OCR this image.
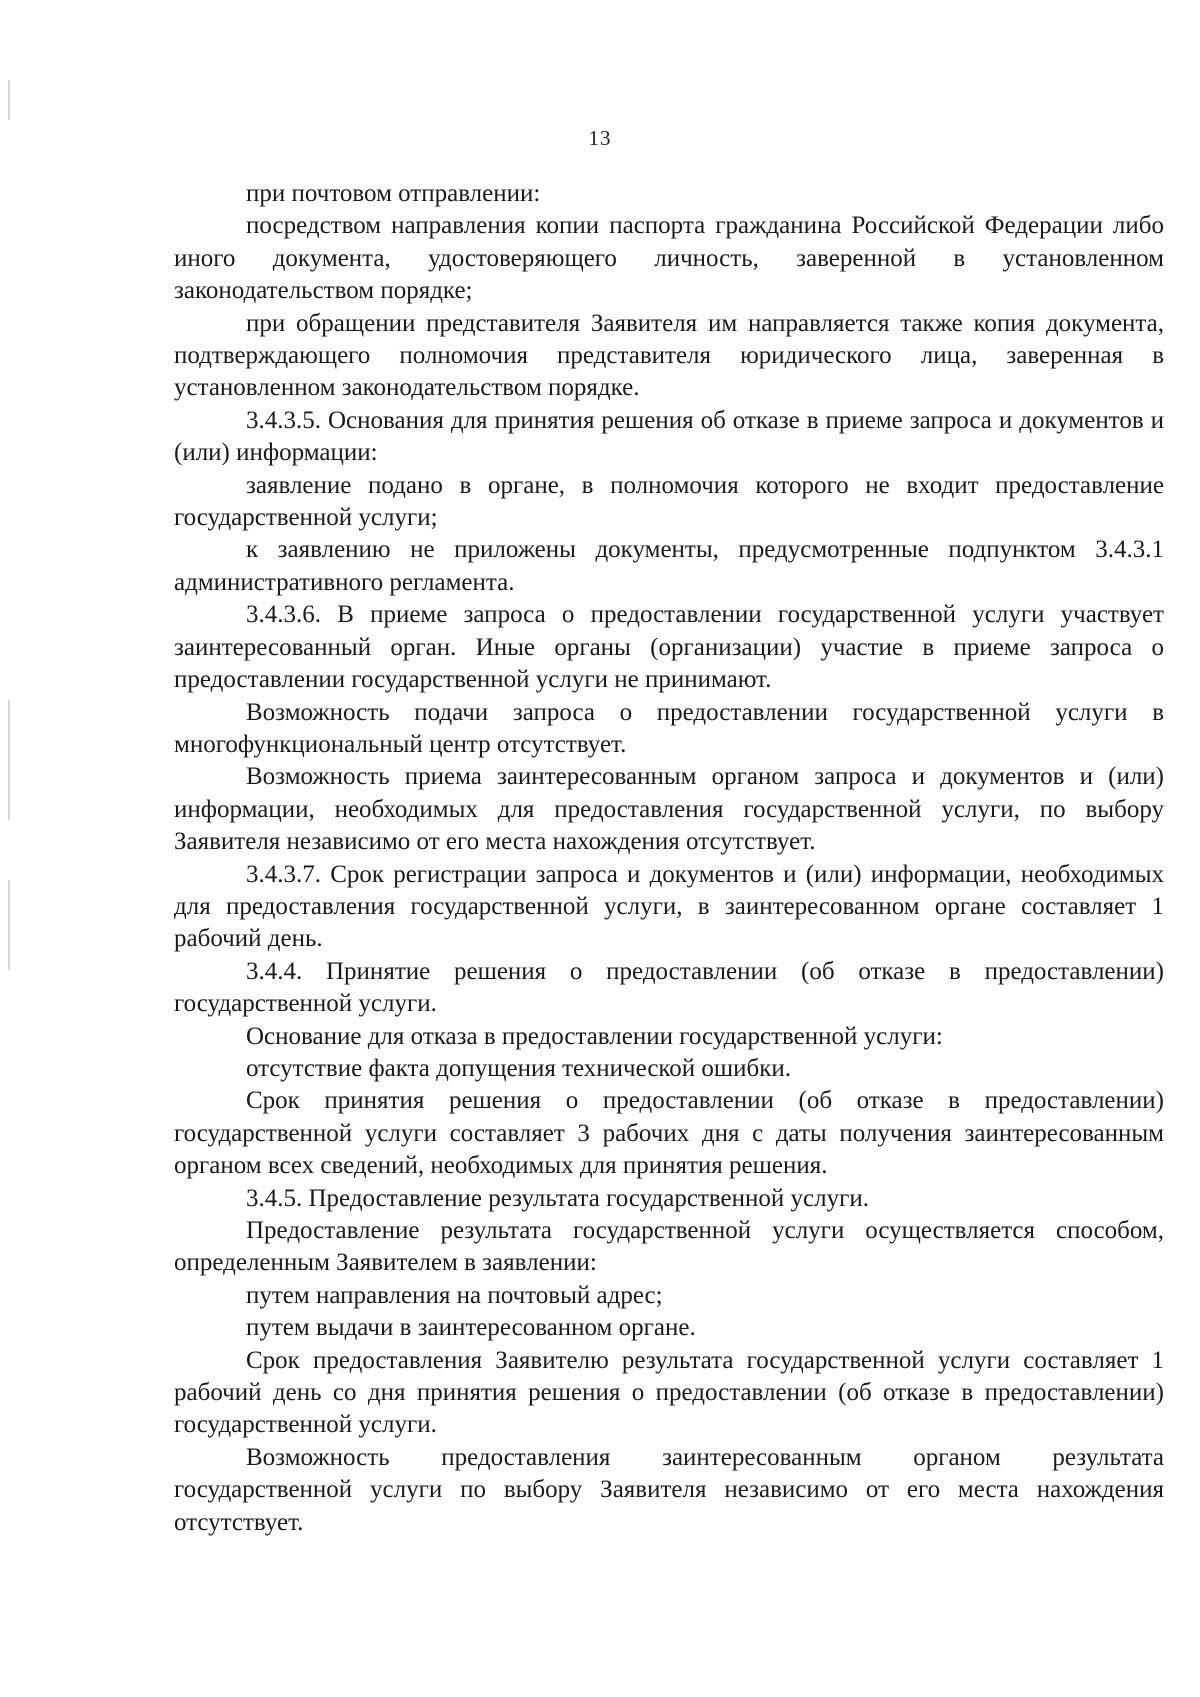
13

при почтовом отправлении:

посредством направления копии паспорта гражданина Российской Федерации либо иного документа, удостоверяющего личность, заверенной в установленном законодательством порядке;

при обращении представителя Заявителя им направляется также копия документа, подтверждающего полномочия представителя юридического лица, заверенная в установленном законодательством порядке.

3.4.3.5. Основания для принятия решения об отказе в приеме запроса и документов и (или) информации:

заявление подано в органе, в полномочия которого не входит предоставление государственной услуги;

к заявлению не приложены документы, предусмотренные подпунктом 3.4.3.1 административного регламента.

3.4.3.6. В приеме запроса о предоставлении государственной услуги участвует заинтересованный орган. Иные органы (организации) участие в приеме запроса о предоставлении государственной услуги не принимают.

Возможность подачи запроса о предоставлении государственной услуги в многофункциональный центр отсутствует.

Возможность приема заинтересованным органом запроса и документов и (или) информации, необходимых для предоставления государственной услуги, по выбору Заявителя независимо от его места нахождения отсутствует.

3.4.3.7. Срок регистрации запроса и документов и (или) информации, необходимых для предоставления государственной услуги, в заинтересованном органе составляет 1 рабочий день.

3.4.4. Принятие решения о предоставлении (об отказе в предоставлении) государственной услуги.

Основание для отказа в предоставлении государственной услуги:

отсутствие факта допущения технической ошибки.

Срок принятия решения о предоставлении (об отказе в предоставлении) государственной услуги составляет 3 рабочих дня с даты получения заинтересованным органом всех сведений, необходимых для принятия решения.

3.4.5. Предоставление результата государственной услуги.

Предоставление результата государственной услуги осуществляется способом, определенным Заявителем в заявлении:

путем направления на почтовый адрес;

путем выдачи в заинтересованном органе.

Срок предоставления Заявителю результата государственной услуги составляет 1 рабочий день со дня принятия решения о предоставлении (об отказе в предоставлении) государственной услуги.

Возможность предоставления заинтересованным органом результата государственной услуги по выбору Заявителя независимо от его места нахождения отсутствует.
